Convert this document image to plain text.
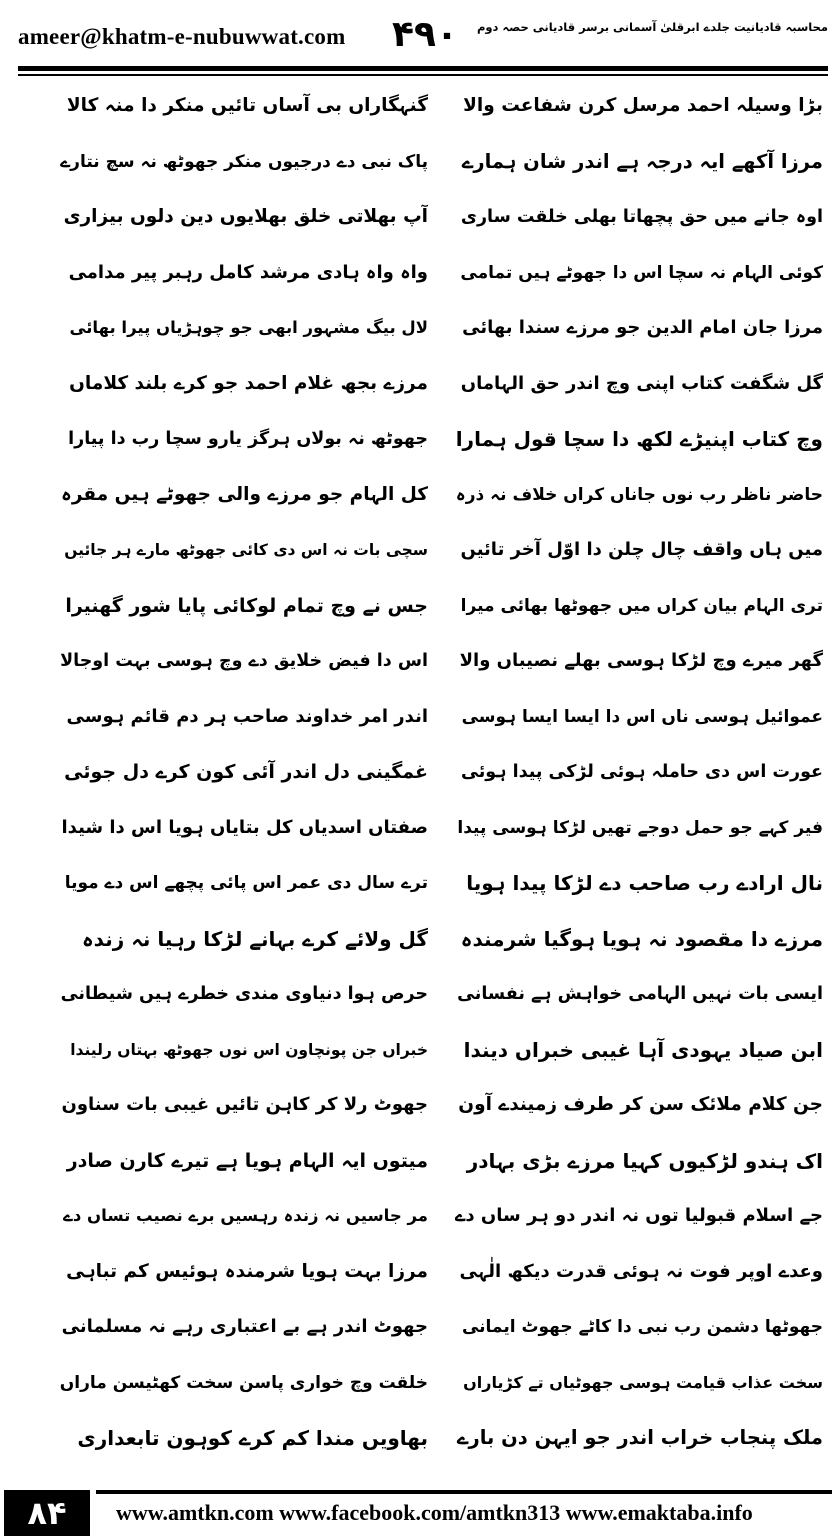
ameer@khatm-e-nubuwwat.com ۴۹۰ محاسبہ قادیانیت جلدے ابرقلیٰ آسمانی برسر قادیانی حصہ دوم
بڑا وسیلہ احمد مرسل کرن شفاعت والا
گنہگاراں بی آساں تائیں منکر دا منہ کالا
مرزا آکھے ایہ درجہ ہے اندر شان ہمارے
پاک نبی دے درجیوں منکر جھوٹھ نہ سچ نتارے
اوہ جانے میں حق پچھاتا بھلی خلقت ساری
آپ بھلاتی خلق بھلایوں دین دلوں بیزاری
کوئی الہام نہ سچا اس دا جھوٹے ہیں تمامی
واہ واہ ہادی مرشد کامل رہبر پیر مدامی
مرزا جان امام الدین جو مرزے سندا بھائی
لال بیگ مشہور ابھی جو چوہڑیاں پیرا بھائی
گل شگفت کتاب اپنی وچ اندر حق الہاماں
مرزے بجھ غلام احمد جو کرے بلند کلاماں
وچ کتاب اپنیڑے لکھ دا سچا قول ہمارا
جھوٹھ نہ بولاں ہرگز یارو سچا رب دا پیارا
حاضر ناظر رب نوں جاناں کراں خلاف نہ ذرہ
کل الہام جو مرزے والی جھوٹے ہیں مقرہ
میں ہاں واقف چال چلن دا اوّل آخر تائیں
سچی بات نہ اس دی کائی جھوٹھ مارے ہر جائیں
تری الہام بیان کراں میں جھوٹھا بھائی میرا
جس نے وچ تمام لوکائی پایا شور گھنیرا
گھر میرے وچ لڑکا ہوسی بھلے نصیباں والا
اس دا فیض خلایق دے وچ ہوسی بہت اوجالا
عموائیل ہوسی ناں اس دا ایسا ایسا ہوسی
اندر امر خداوند صاحب ہر دم قائم ہوسی
عورت اس دی حاملہ ہوئی لڑکی پیدا ہوئی
غمگینی دل اندر آئی کون کرے دل جوئی
فیر کہے جو حمل دوجے تھیں لڑکا ہوسی پیدا
صفتاں اسدیاں کل بتایاں ہویا اس دا شیدا
نال ارادے رب صاحب دے لڑکا پیدا ہویا
ترے سال دی عمر اس پائی پچھے اس دے مویا
مرزے دا مقصود نہ ہویا ہوگیا شرمندہ
گل ولائے کرے بہانے لڑکا رہیا نہ زندہ
ایسی بات نہیں الہامی خواہش ہے نفسانی
حرص ہوا دنیاوی مندی خطرے ہیں شیطانی
ابن صیاد یہودی آہا غیبی خبراں دیندا
خبراں جن پونچاون اس نوں جھوٹھ بہتاں رلیندا
جن کلام ملائک سن کر طرف زمیندے آون
جھوٹ رلا کر کاہن تائیں غیبی بات سناون
اک ہندو لڑکیوں کہیا مرزے بڑی بہادر
میتوں ایہ الہام ہویا ہے تیرے کارن صادر
جے اسلام قبولیا توں نہ اندر دو ہر ساں دے
مر جاسیں نہ زندہ رہسیں برے نصیب تساں دے
وعدے اوپر فوت نہ ہوئی قدرت دیکھ الٰہی
مرزا بہت ہویا شرمندہ ہوئیس کم تباہی
جھوٹھا دشمن رب نبی دا کاٹے جھوٹ ایمانی
جھوٹ اندر ہے بے اعتباری رہے نہ مسلمانی
سخت عذاب قیامت ہوسی جھوٹیاں تے کڑیاراں
خلقت وچ خواری پاسن سخت کھٹیسن ماراں
ملک پنجاب خراب اندر جو ایہن دن بارے
بھاویں مندا کم کرے کوہون تابعداری
۸۴	www.amtkn.com www.facebook.com/amtkn313 www.emaktaba.info
